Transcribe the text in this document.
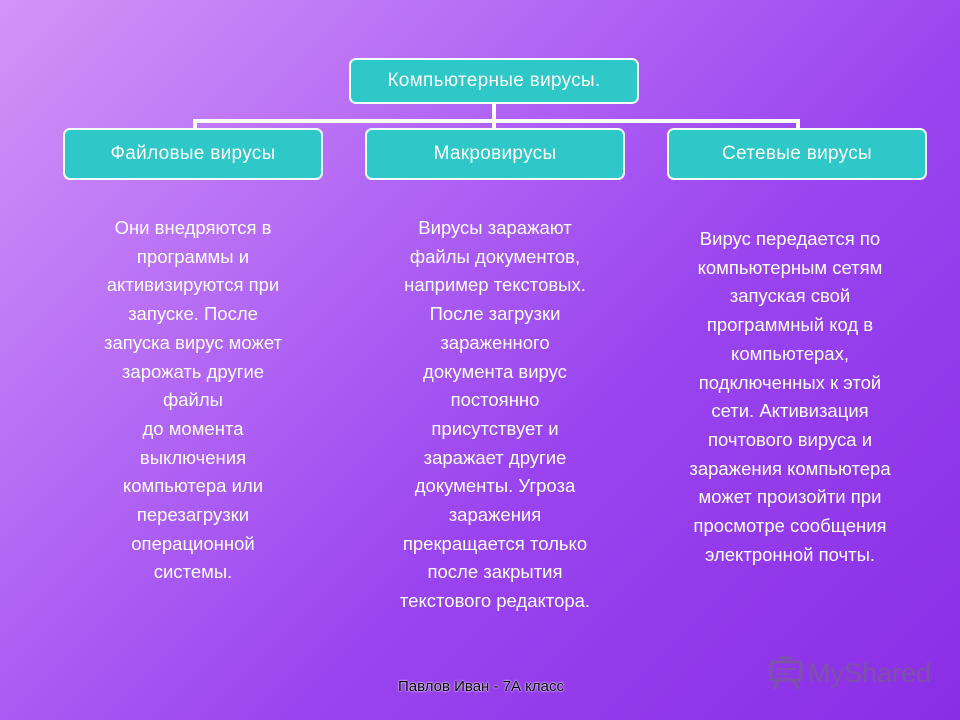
Компьютерные вирусы.
Файловые вирусы	Макровирусы	Сетевые вирусы
Они внедряются в
программы и
активизируются при
запуске. После
запуска вирус может
зарожать другие
файлы
до момента
выключения
компьютера или
перезагрузки
операционной
системы.
Вирусы заражают
файлы документов,
например текстовых.
После загрузки
зараженного
документа вирус
постоянно
присутствует и
заражает другие
документы. Угроза
заражения
прекращается только
после закрытия
текстового редактора.
Вирус передается по
компьютерным сетям
запуская свой
программный код в
компьютерах,
подключенных к этой
сети. Активизация
почтового вируса и
заражения компьютера
может произойти при
просмотре сообщения
электронной почты.
Павлов Иван - 7А класс	MyShared
